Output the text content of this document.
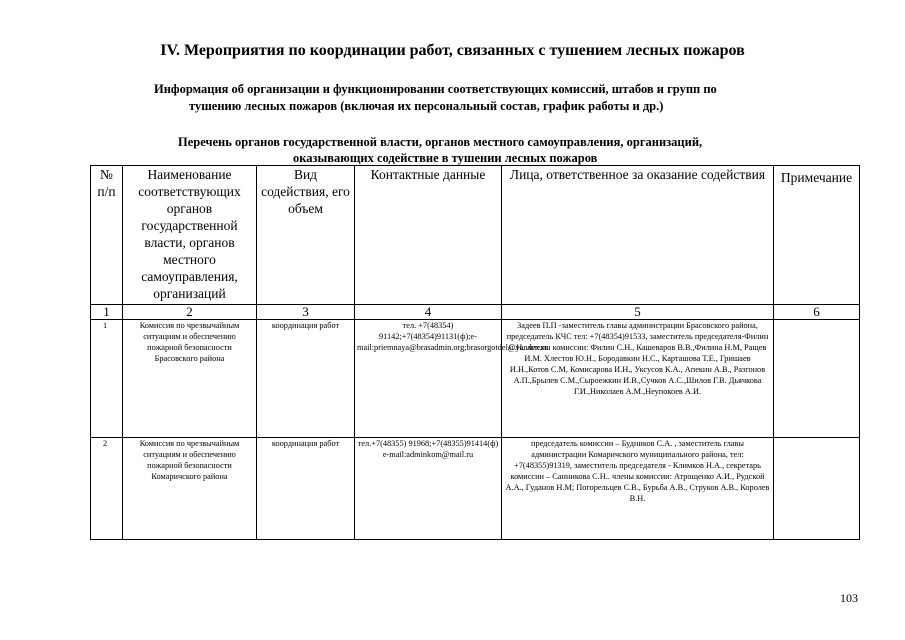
IV. Мероприятия по координации работ, связанных с тушением лесных пожаров
Информация об организации и функционировании соответствующих комиссий, штабов и групп по
тушению лесных пожаров (включая их персональный состав, график работы и др.)
Перечень органов государственной власти, органов местного самоуправления, организаций,
оказывающих содействие в тушении лесных пожаров
№ п/п	Наименование соответствующих органов государственной власти, органов местного самоуправления, организаций	Вид содействия, его объем	Контактные данные	Лица, ответственное за оказание содействия	Примечание
1	2	3	4	5	6
1	Комиссия по чрезвычайным ситуациям и обеспечению пожарной безопасности Брасовского района	координация работ	тел. +7(48354) 91142;+7(48354)91131(ф);e-mail:priemnaya@brasadmin.org;brasorgotdel@yandex.ru	Задеев П.П -заместитель главы администрации Брасовского района, председатель КЧС тел: +7(48354)91533, заместитель председателя-Филин С.Н. .члены комиссии: Филин С.Н., Кашеваров В.В.,Филина Н.М, Ращев И.М. Хлестов Ю.Н., Бородавкин Н.С., Карташова Т.Е., Гришаев И.Н.,Котов С.М, Комисарова И.Н., Уксусов К.А., Апекин А.В., Разгонов А.П.,Брылев С.М.,Сыроежкин И.В.,Сучков А.С.,Шилов Г.В. Дьячкова Г.И.,Николаев А.М.,Неупокоев А.И.	
2	Комиссия по чрезвычайным ситуациям и обеспечению пожарной безопасности Комаричского района	координация работ	тел.+7(48355) 91968;+7(48355)91414(ф) e-mail:adminkom@mail.ru	председатель комиссии – Будников С.А. , заместитель главы администрации Комаричского муниципального района, тел: +7(48355)91319, заместитель председателя - Климков Н.А., секретарь комиссии – Санникова С.Н.. члены комиссии: Атрощенко А.И., Рудской А.А., Гуданов Н.М; Погорельцев С.В., Бурьба А.В., Струков А.В., Королев В.Н.	
103
